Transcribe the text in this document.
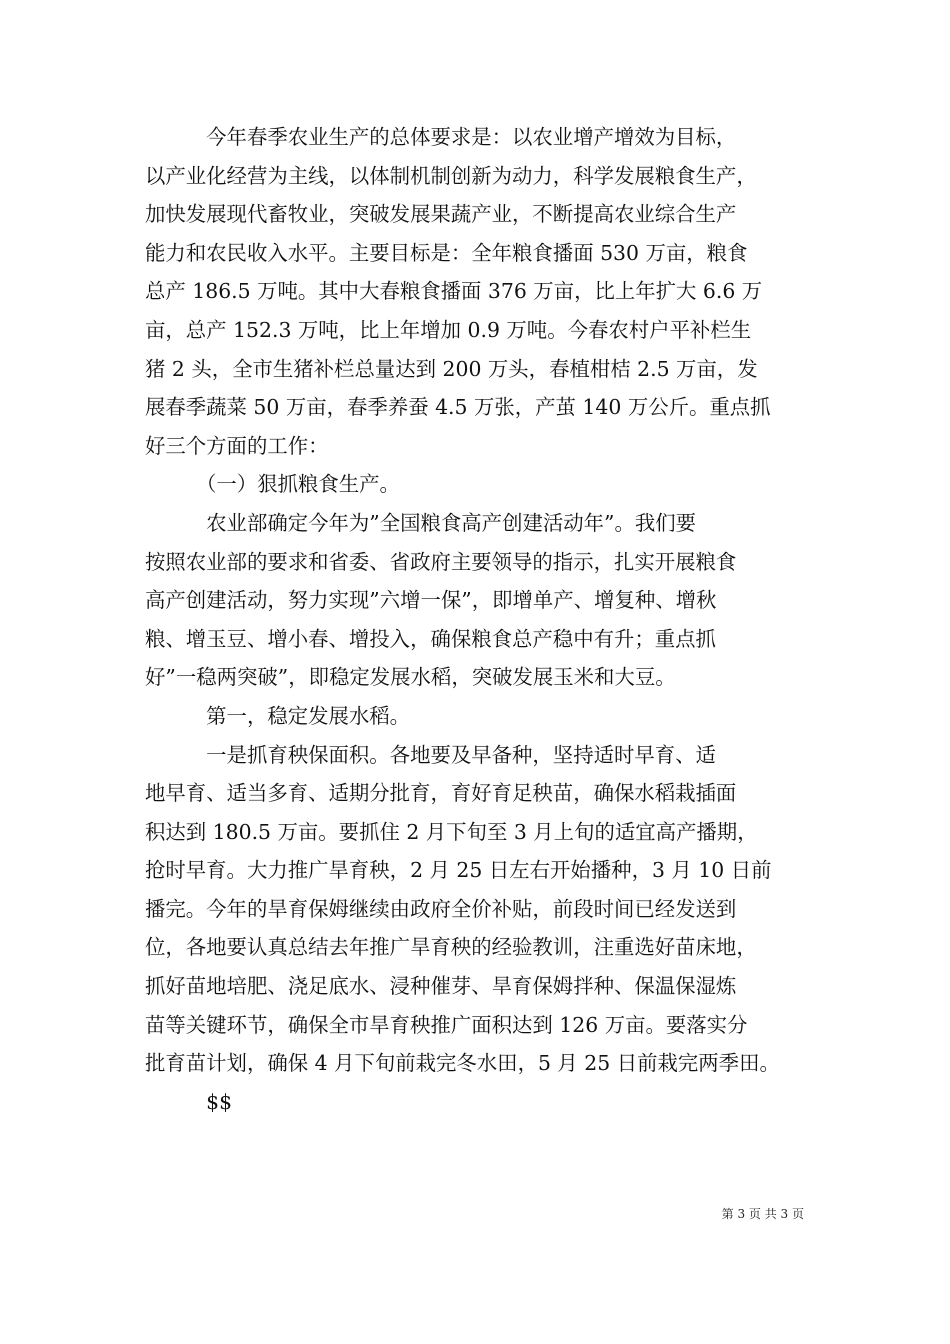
　　　今年春季农业生产的总体要求是：以农业增产增效为目标，
以产业化经营为主线，以体制机制创新为动力，科学发展粮食生产，
加快发展现代畜牧业，突破发展果蔬产业，不断提高农业综合生产
能力和农民收入水平。主要目标是：全年粮食播面 530 万亩，粮食
总产 186.5 万吨。其中大春粮食播面 376 万亩，比上年扩大 6.6 万
亩，总产 152.3 万吨，比上年增加 0.9 万吨。今春农村户平补栏生
猪 2 头，全市生猪补栏总量达到 200 万头，春植柑桔 2.5 万亩，发
展春季蔬菜 50 万亩，春季养蚕 4.5 万张，产茧 140 万公斤。重点抓
好三个方面的工作：
　　　（一）狠抓粮食生产。
　　　农业部确定今年为”全国粮食高产创建活动年”。我们要
按照农业部的要求和省委、省政府主要领导的指示，扎实开展粮食
高产创建活动，努力实现”六增一保”，即增单产、增复种、增秋
粮、增玉豆、增小春、增投入，确保粮食总产稳中有升；重点抓
好”一稳两突破”，即稳定发展水稻，突破发展玉米和大豆。
　　　第一，稳定发展水稻。
　　　一是抓育秧保面积。各地要及早备种，坚持适时早育、适
地早育、适当多育、适期分批育，育好育足秧苗，确保水稻栽插面
积达到 180.5 万亩。要抓住 2 月下旬至 3 月上旬的适宜高产播期，
抢时早育。大力推广旱育秧，2 月 25 日左右开始播种，3 月 10 日前
播完。今年的旱育保姆继续由政府全价补贴，前段时间已经发送到
位，各地要认真总结去年推广旱育秧的经验教训，注重选好苗床地，
抓好苗地培肥、浇足底水、浸种催芽、旱育保姆拌种、保温保湿炼
苗等关键环节，确保全市旱育秧推广面积达到 126 万亩。要落实分
批育苗计划，确保 4 月下旬前栽完冬水田，5 月 25 日前栽完两季田。
　　　$$
第 3 页 共 3 页
